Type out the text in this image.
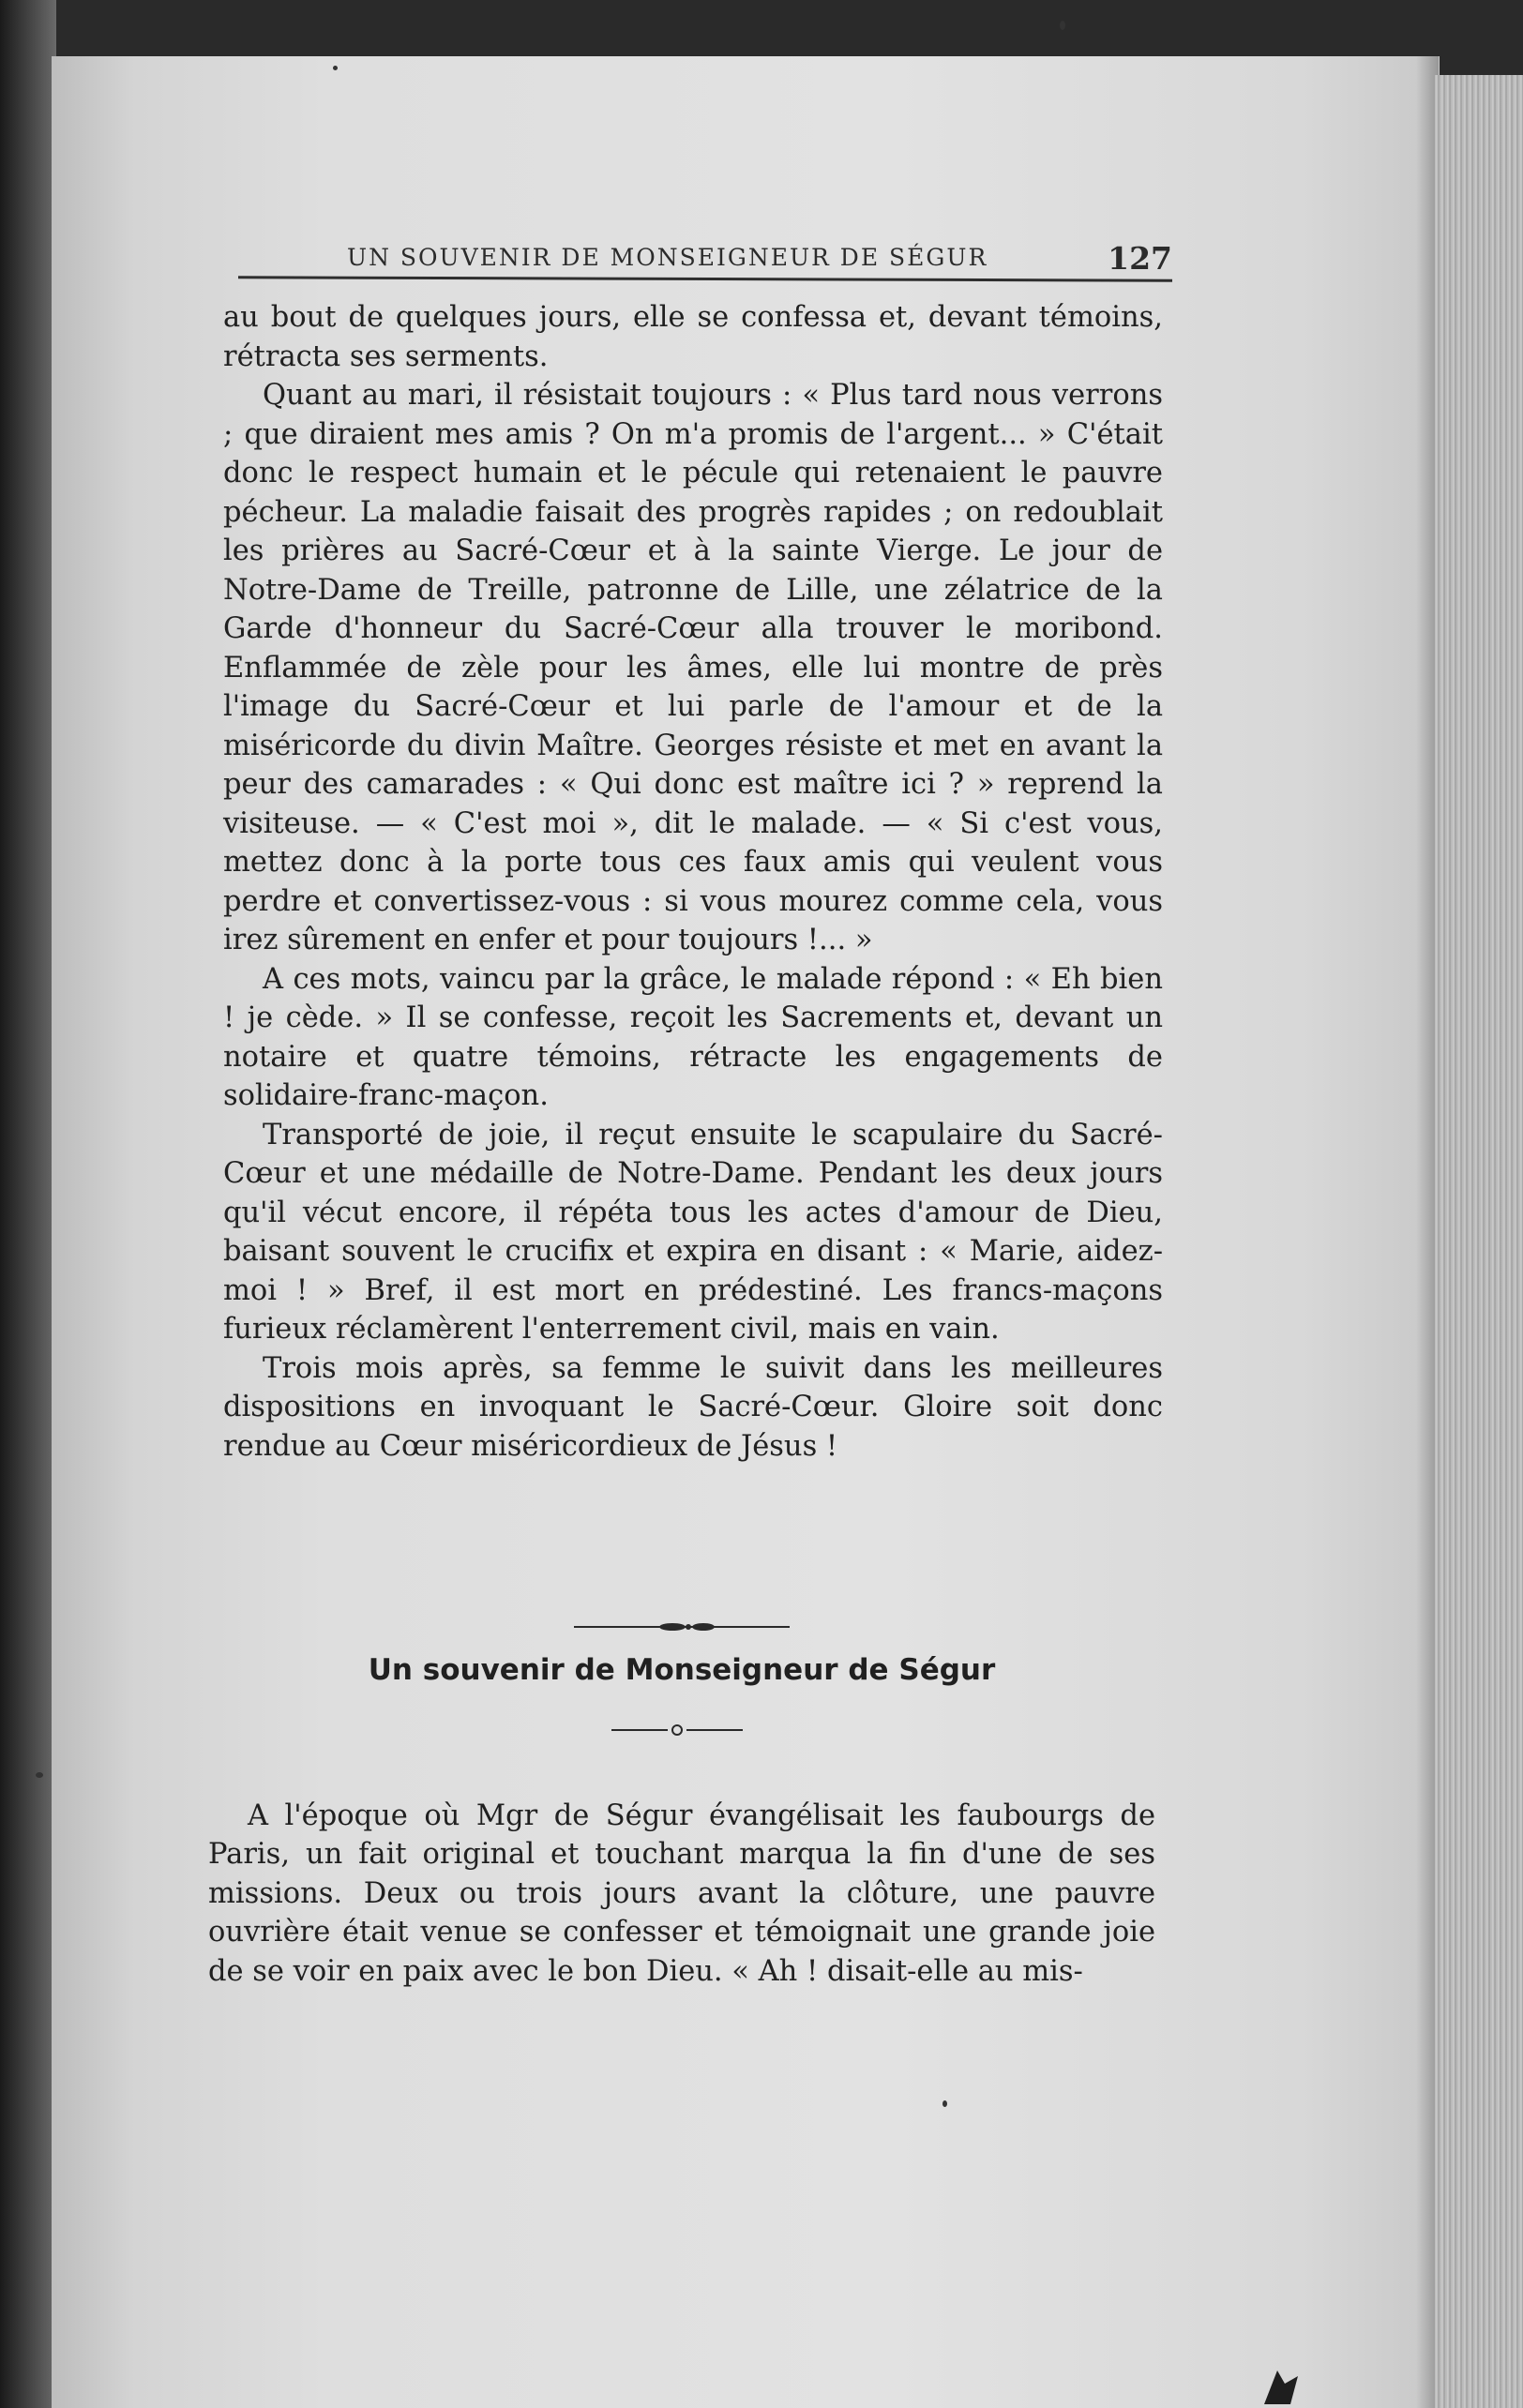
UN SOUVENIR DE MONSEIGNEUR DE SÉGUR	127

au bout de quelques jours, elle se confessa et, devant témoins, rétracta ses serments.

Quant au mari, il résistait toujours : « Plus tard nous verrons ; que diraient mes amis ? On m'a promis de l'argent... » C'était donc le respect humain et le pécule qui retenaient le pauvre pécheur. La maladie faisait des progrès rapides ; on redoublait les prières au Sacré-Cœur et à la sainte Vierge. Le jour de Notre-Dame de Treille, patronne de Lille, une zélatrice de la Garde d'honneur du Sacré-Cœur alla trouver le moribond. Enflammée de zèle pour les âmes, elle lui montre de près l'image du Sacré-Cœur et lui parle de l'amour et de la miséricorde du divin Maître. Georges résiste et met en avant la peur des camarades : « Qui donc est maître ici ? » reprend la visiteuse. — « C'est moi », dit le malade. — « Si c'est vous, mettez donc à la porte tous ces faux amis qui veulent vous perdre et convertissez-vous : si vous mourez comme cela, vous irez sûrement en enfer et pour toujours !... »

A ces mots, vaincu par la grâce, le malade répond : « Eh bien ! je cède. » Il se confesse, reçoit les Sacrements et, devant un notaire et quatre témoins, rétracte les engagements de solidaire-franc-maçon.

Transporté de joie, il reçut ensuite le scapulaire du Sacré-Cœur et une médaille de Notre-Dame. Pendant les deux jours qu'il vécut encore, il répéta tous les actes d'amour de Dieu, baisant souvent le crucifix et expira en disant : « Marie, aidez-moi ! » Bref, il est mort en prédestiné. Les francs-maçons furieux réclamèrent l'enterrement civil, mais en vain.

Trois mois après, sa femme le suivit dans les meilleures dispositions en invoquant le Sacré-Cœur. Gloire soit donc rendue au Cœur miséricordieux de Jésus !

Un souvenir de Monseigneur de Ségur

A l'époque où Mgr de Ségur évangélisait les faubourgs de Paris, un fait original et touchant marqua la fin d'une de ses missions. Deux ou trois jours avant la clôture, une pauvre ouvrière était venue se confesser et témoignait une grande joie de se voir en paix avec le bon Dieu. « Ah ! disait-elle au mis-
